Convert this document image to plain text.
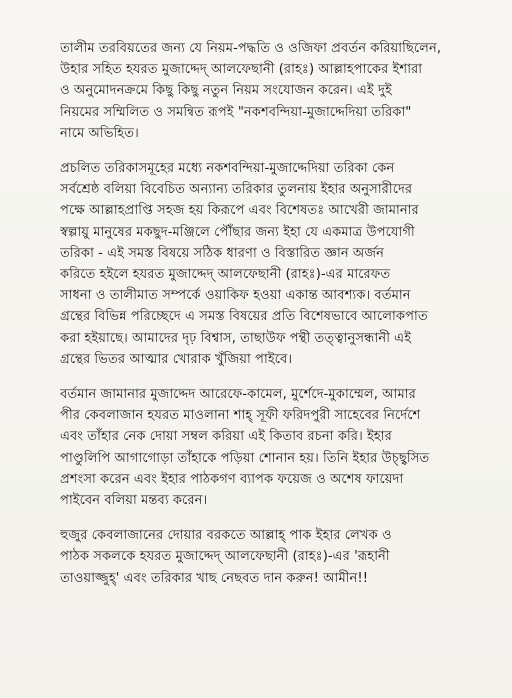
তালীম তরবিয়তের জন্য যে নিয়ম-পদ্ধতি ও ওজিফা প্রবর্তন করিয়াছিলেন,
উহার সহিত হযরত মুজাদ্দেদ্‌ আলফেছানী (রাহঃ) আল্লাহপাকের ইশারা
ও অনুমোদনক্রমে কিছু কিছু নতুন নিয়ম সংযোজন করেন। এই দুই
নিয়মের সম্মিলিত ও সমন্বিত রূপই "নকশবন্দিয়া-মুজাদ্দেদিয়া তরিকা"
নামে অভিহিত।

প্রচলিত তরিকাসমূহের মধ্যে নকশবন্দিয়া-মুজাদ্দেদিয়া তরিকা কেন
সর্বশ্রেষ্ঠ বলিয়া বিবেচিত অন্যান্য তরিকার তুলনায় ইহার অনুসারীদের
পক্ষে আল্লাহপ্রাপ্তি সহজ হয় কিরূপে এবং বিশেষতঃ আখেরী জামানার
স্বল্পায়ু মানুষের মকছুদ-মঞ্জিলে পৌঁছার জন্য ইহা যে একমাত্র উপযোগী
তরিকা - এই সমস্ত বিষয়ে সঠিক ধারণা ও বিস্তারিত জ্ঞান অর্জন
করিতে হইলে হযরত মুজাদ্দেদ্‌ আলফেছানী (রাহঃ)-এর মারেফত
সাধনা ও তালীমাত সম্পর্কে ওয়াকিফ হওয়া একান্ত আবশ্যক। বর্তমান
গ্রন্থের বিভিন্ন পরিচ্ছেদে এ সমস্ত বিষয়ের প্রতি বিশেষভাবে আলোকপাত
করা হইয়াছে। আমাদের দৃঢ় বিশ্বাস, তাছাউফ পন্থী তত্ত্বানুসন্ধানী এই
গ্রন্থের ভিতর আত্মার খোরাক খুঁজিয়া পাইবে।

বর্তমান জামানার মুজাদ্দেদ আরেফে-কামেল, মুর্শেদে-মুকাম্মেল, আমার
পীর কেবলাজান হযরত মাওলানা শাহ্‌ সূফী ফরিদপুরী সাহেবের নির্দেশে
এবং তাঁহার নেক দোয়া সম্বল করিয়া এই কিতাব রচনা করি। ইহার
পাণ্ডুলিপি আগাগোড়া তাঁহাকে পড়িয়া শোনান হয়। তিনি ইহার উচ্ছ্বসিত
প্রশংসা করেন এবং ইহার পাঠকগণ ব্যাপক ফয়েজ ও অশেষ ফায়েদা
পাইবেন বলিয়া মন্তব্য করেন।

হুজুর কেবলাজানের দোয়ার বরকতে আল্লাহ্‌ পাক ইহার লেখক ও
পাঠক সকলকে হযরত মুজাদ্দেদ্‌ আলফেছানী (রাহঃ)-এর 'রূহানী
তাওয়াজ্জুহ্‌' এবং তরিকার খাছ নেছবত দান করুন! আমীন!!
